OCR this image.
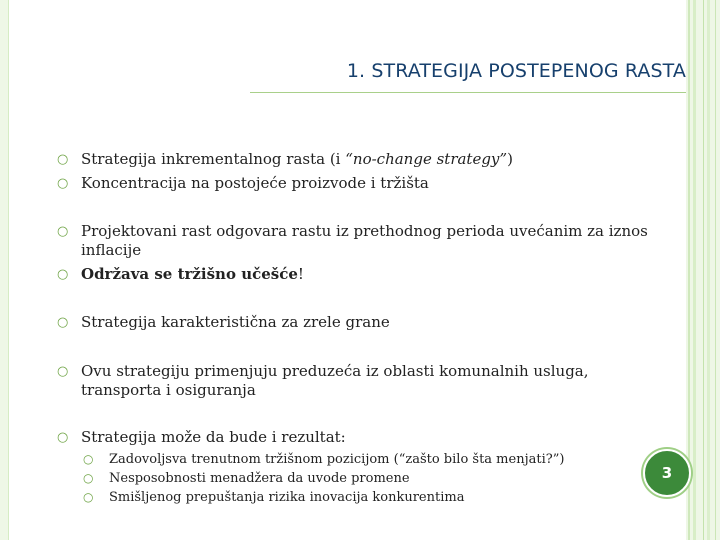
1. STRATEGIJA POSTEPENOG RASTA
○ Strategija inkrementalnog rasta (i “no-change strategy”)
○ Koncentracija na postojeće proizvode i tržišta
○ Projektovani rast odgovara rastu iz prethodnog perioda uvećanim za iznos
inflacije
○ Održava se tržišno učešće!
○ Strategija karakteristična za zrele grane
○ Ovu strategiju primenjuju preduzeća iz oblasti komunalnih usluga,
transporta i osiguranja
○ Strategija može da bude i rezultat:
○	Zadovoljsva trenutnom tržišnom pozicijom (“zašto bilo šta menjati?”)
○	Nesposobnosti menadžera da uvode promene
○	Smišljenog prepuštanja rizika inovacija konkurentima
3
